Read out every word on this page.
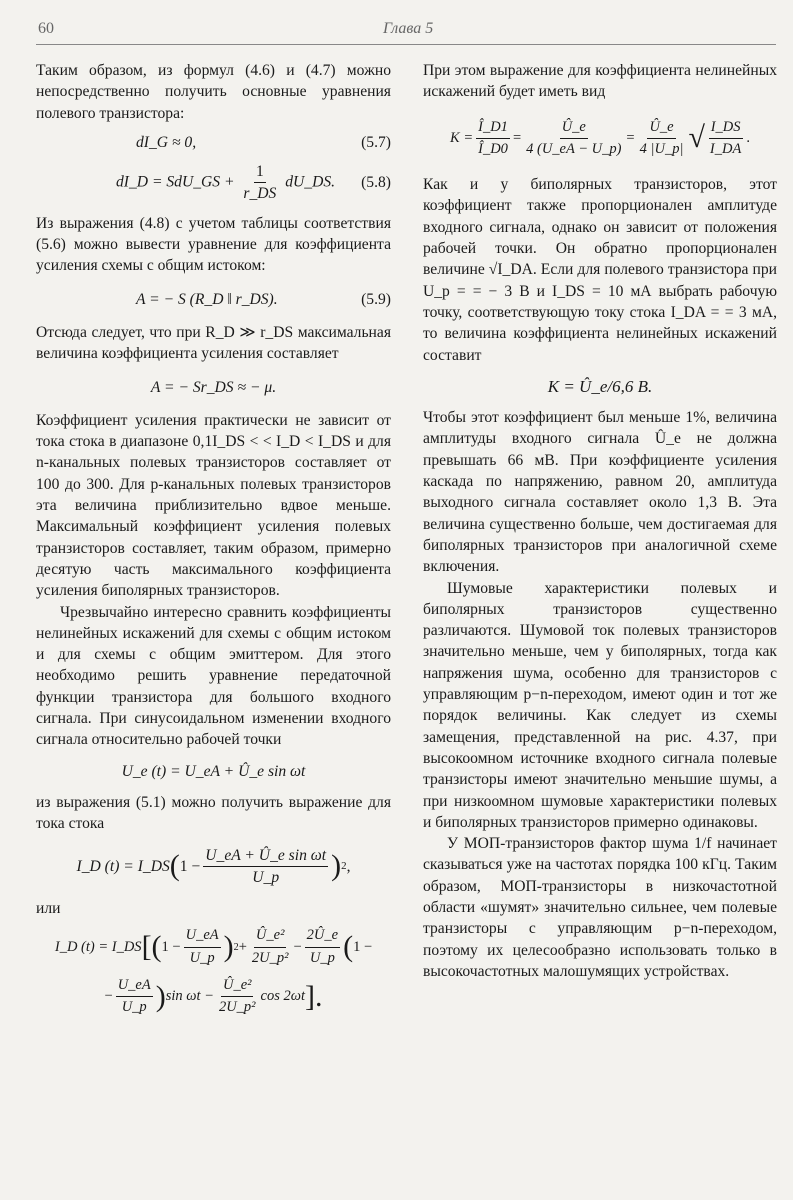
60	Глава 5

Таким образом, из формул (4.6) и (4.7) можно непосредственно получить основные уравнения полевого транзистора:

dI_G ≈ 0,	(5.7)
dI_D = SdU_GS + $\frac{1}{r\_DS}$ dU_DS. (5.8)

Из выражения (4.8) с учетом таблицы соответствия (5.6) можно вывести уравнение для коэффициента усиления схемы с общим истоком:

A = − S (R_D ‖ r_DS).	(5.9)

Отсюда следует, что при R_D ≫ r_DS максимальная величина коэффициента усиления составляет

A = − Sr_DS ≈ − μ.

Коэффициент усиления практически не зависит от тока стока в диапазоне 0,1I_DS < < I_D < I_DS и для n-канальных полевых транзисторов составляет от 100 до 300. Для p-канальных полевых транзисторов эта величина приблизительно вдвое меньше. Максимальный коэффициент усиления полевых транзисторов составляет, таким образом, примерно десятую часть максимального коэффициента усиления биполярных транзисторов.

Чрезвычайно интересно сравнить коэффициенты нелинейных искажений для схемы с общим истоком и для схемы с общим эмиттером. Для этого необходимо решить уравнение передаточной функции транзистора для большого входного сигнала. При синусоидальном изменении входного сигнала относительно рабочей точки

U_e (t) = U_eA + Û_e sin ωt

из выражения (5.1) можно получить выражение для тока стока

I_D (t) = I_DS ( $1 - \frac{\text{U\_eA + Û\_e sin ωt}}{U\_p}$ ) 2 ,

или

I_D (t) = I_DS [( $1 - \frac{U\_eA}{U\_p}$ ) $2 + \frac{\text{Û\_e²}}{\text{2U\_p²}} - \frac{2Û\_e}{U\_p}$ ( 1 −
− $\frac{U\_eA}{U\_p}$ ) $\sin \omega t - \frac{\text{Û\_e²}}{\text{2U\_p²}}$ cos 2ωt ].

При этом выражение для коэффициента нелинейных искажений будет иметь вид

$K = \frac{Î\_D1}{Î\_D0} = \frac{Û\_e}{4 (U\_eA - U\_p)} = \frac{Û\_e}{4 |U\_p|}$ √ $\frac{I\_DS}{I\_DA}$ .

Как и у биполярных транзисторов, этот коэффициент также пропорционален амплитуде входного сигнала, однако он зависит от положения рабочей точки. Он обратно пропорционален величине √I_DA. Если для полевого транзистора при U_p = = − 3 В и I_DS = 10 мА выбрать рабочую точку, соответствующую току стока I_DA = = 3 мА, то величина коэффициента нелинейных искажений составит

K = Û_e/6,6 В.

Чтобы этот коэффициент был меньше 1%, величина амплитуды входного сигнала Û_e не должна превышать 66 мВ. При коэффициенте усиления каскада по напряжению, равном 20, амплитуда выходного сигнала составляет около 1,3 В. Эта величина существенно больше, чем достигаемая для биполярных транзисторов при аналогичной схеме включения.

Шумовые характеристики полевых и биполярных транзисторов существенно различаются. Шумовой ток полевых транзисторов значительно меньше, чем у биполярных, тогда как напряжения шума, особенно для транзисторов с управляющим p−n-переходом, имеют один и тот же порядок величины. Как следует из схемы замещения, представленной на рис. 4.37, при высокоомном источнике входного сигнала полевые транзисторы имеют значительно меньшие шумы, а при низкоомном шумовые характеристики полевых и биполярных транзисторов примерно одинаковы.

У МОП-транзисторов фактор шума 1/f начинает сказываться уже на частотах порядка 100 кГц. Таким образом, МОП-транзисторы в низкочастотной области «шумят» значительно сильнее, чем полевые транзисторы с управляющим p−n-переходом, поэтому их целесообразно использовать только в высокочастотных малошумящих устройствах.
